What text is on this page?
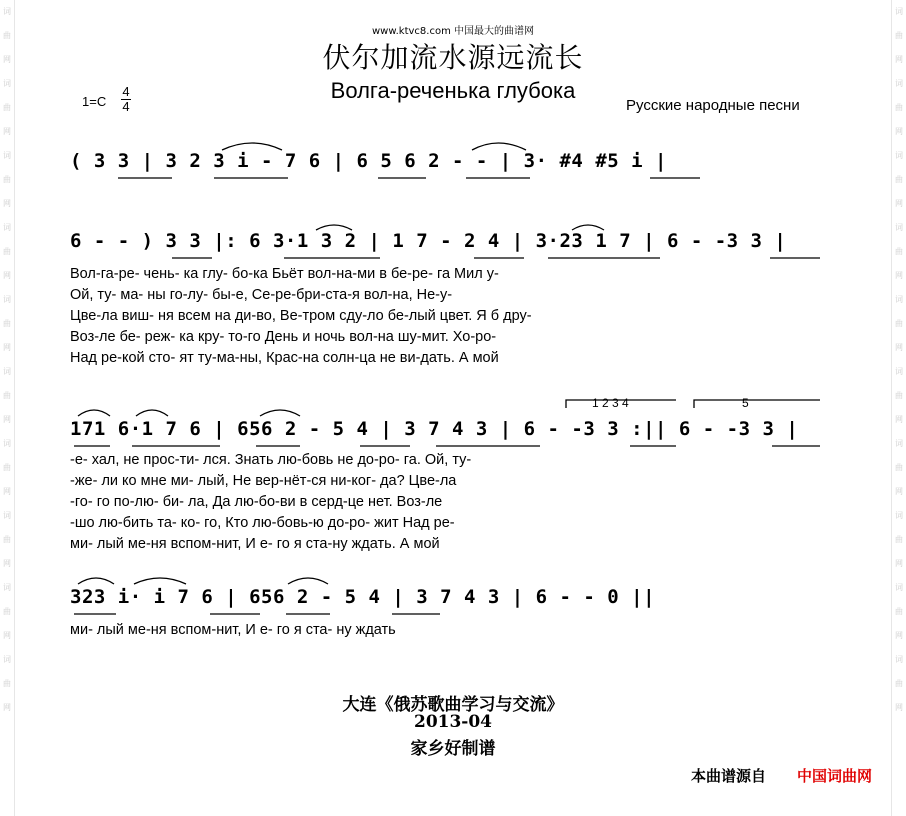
词曲网词曲网词曲网词曲网词曲网词曲网词曲网词曲网词曲网词曲网
词曲网词曲网词曲网词曲网词曲网词曲网词曲网词曲网词曲网词曲网
www.ktvc8.com 中国最大的曲谱网
伏尔加流水源远流长
Волга-реченька глубока
1=C
4
4	Русские народные песни
( 3 3 | 3 2 3 i - 7 6 | 6 5 6 2 - - | 3· #4 #5 i |
6 - - ) 3 3 |: 6 3·1 3 2 | 1 7 - 2 4 | 3·23 1 7 | 6 - -3 3 |
Вол-га-ре- чень- ка глу- бо-ка Бьёт вол-на-ми в бе-ре- га Мил у-
Ой, ту- ма- ны го-лу- бы-е, Се-ре-бри-ста-я вол-на, Не-у-
Цве-ла виш- ня всем на ди-во, Ве-тром сду-ло бе-лый цвет. Я б дру-
Воз-ле бе- реж- ка кру- то-го День и ночь вол-на шу-мит. Хо-ро-
Над ре-кой сто- ят ту-ма-ны, Крас-на солн-ца не ви-дать. А мой
1 2 3 4	5
171 6·1 7 6 | 656 2 - 5 4 | 3 7 4 3 | 6 - -3 3 :|| 6 - -3 3 |
-е- хал, не прос-ти- лся. Знать лю-бовь не до-ро- га. Ой, ту-
-же- ли ко мне ми- лый, Не вер-нёт-ся ни-ког- да? Цве-ла
-го- го по-лю- би- ла, Да лю-бо-ви в серд-це нет. Воз-ле
-шо лю-бить та- ко- го, Кто лю-бовь-ю до-ро- жит Над ре-
ми- лый ме-ня вспом-нит, И е- го я ста-ну ждать. А мой
323 i· i 7 6 | 656 2 - 5 4 | 3 7 4 3 | 6 - - 0 ||
ми- лый ме-ня вспом-нит, И е- го я ста- ну ждать
大连《俄苏歌曲学习与交流》
2013-04
家乡好制谱
本曲谱源自 中国词曲网
